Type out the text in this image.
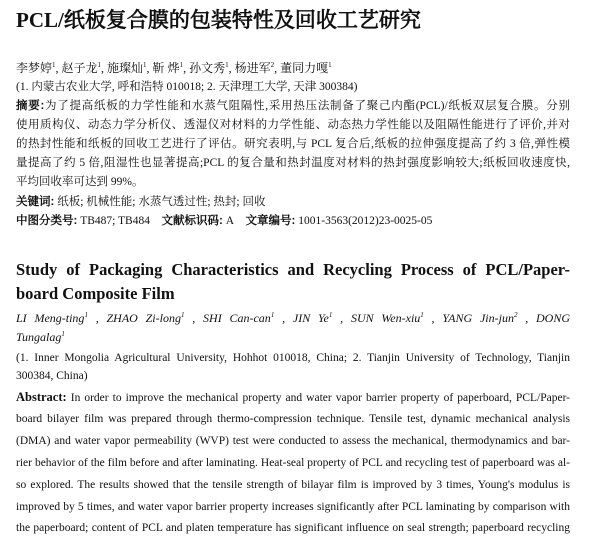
PCL/纸板复合膜的包装特性及回收工艺研究
李梦婷$^1$, 赵子龙$^1$, 施璨灿$^1$, 靳 烨$^1$, 孙文秀$^1$, 杨进军$^2$, 董同力嘎$^1$
(1. 内蒙古农业大学, 呼和浩特 010018; 2. 天津理工大学, 天津 300384)
摘要:为了提高纸板的力学性能和水蒸气阻隔性,采用热压法制备了聚己内酯(PCL)/纸板双层复合膜。分别
使用质构仪、动态力学分析仪、透湿仪对材料的力学性能、动态热力学性能以及阻隔性能进行了评价,并对
的热封性能和纸板的回收工艺进行了评估。研究表明,与 PCL 复合后,纸板的拉伸强度提高了约 3 倍,弹性模
量提高了约 5 倍,阻湿性也显著提高;PCL 的复合量和热封温度对材料的热封强度影响较大;纸板回收速度快,
平均回收率可达到 99%。
关键词: 纸板; 机械性能; 水蒸气透过性; 热封; 回收
中图分类号: TB487; TB484 文献标识码: A 文章编号: 1001-3563(2012)23-0025-05
Study of Packaging Characteristics and Recycling Process of PCL/Paper-
board Composite Film
LI Meng-ting$^1$ , ZHAO Zi-long$^1$ , SHI Can-can$^1$ , JIN Ye$^1$ , SUN Wen-xiu$^1$ , YANG Jin-jun$^2$ , DONG
Tungalag$^1$
(1. Inner Mongolia Agricultural University, Hohhot 010018, China; 2. Tianjin University of Technology, Tianjin
300384, China)
Abstract: In order to improve the mechanical property and water vapor barrier property of paperboard, PCL/Paper-
board bilayer film was prepared through thermo-compression technique. Tensile test, dynamic mechanical analysis
(DMA) and water vapor permeability (WVP) test were conducted to assess the mechanical, thermodynamics and bar-
rier behavior of the film before and after laminating. Heat-seal property of PCL and recycling test of paperboard was al-
so explored. The results showed that the tensile strength of bilayar film is improved by 3 times, Young's modulus is
improved by 5 times, and water vapor barrier property increases significantly after PCL laminating by comparison with
the paperboard; content of PCL and platen temperature has significant influence on seal strength; paperboard recycling
